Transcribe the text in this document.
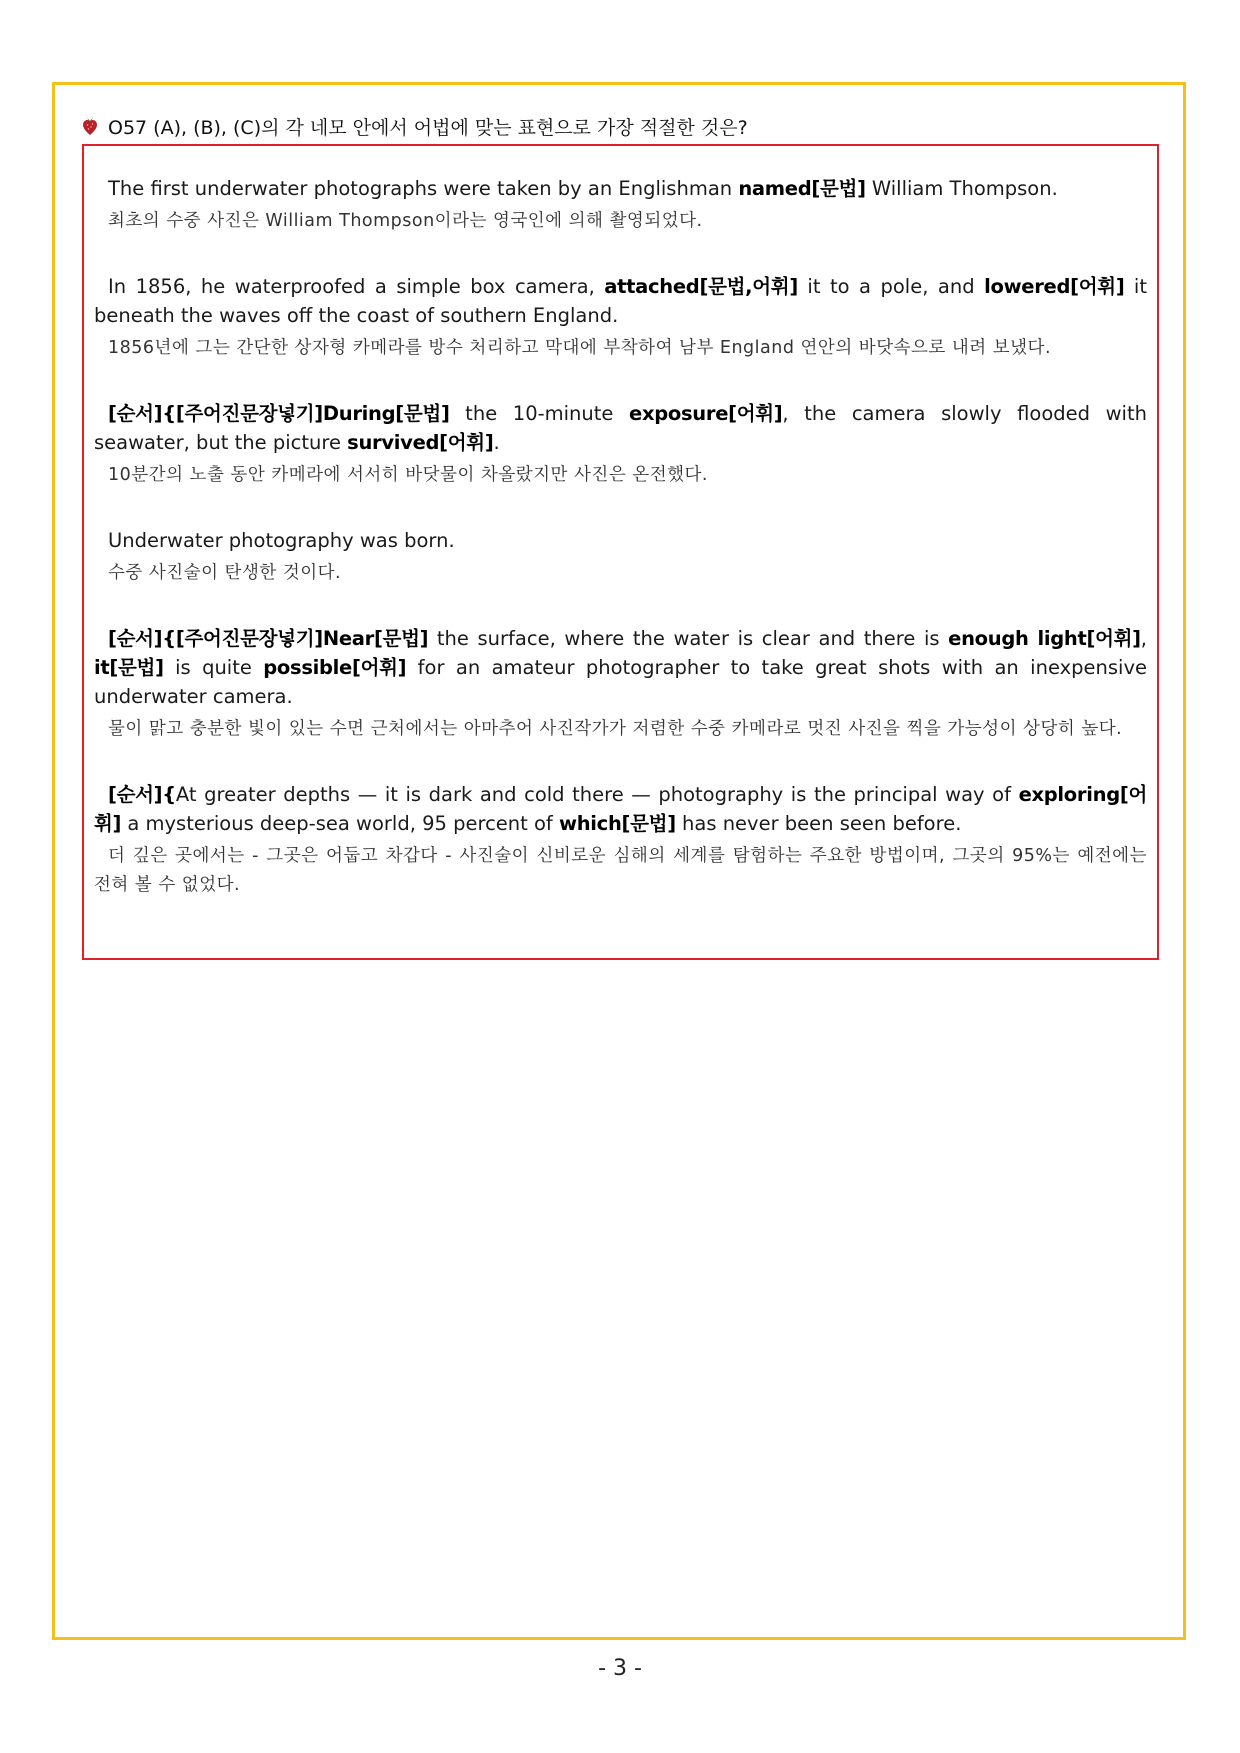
O57 (A), (B), (C)의 각 네모 안에서 어법에 맞는 표현으로 가장 적절한 것은?

The first underwater photographs were taken by an Englishman named[문법] William Thompson.

최초의 수중 사진은 William Thompson이라는 영국인에 의해 촬영되었다.

In 1856, he waterproofed a simple box camera, attached[문법,어휘] it to a pole, and lowered[어휘] it beneath the waves off the coast of southern England.

1856년에 그는 간단한 상자형 카메라를 방수 처리하고 막대에 부착하여 남부 England 연안의 바닷속으로 내려 보냈다.

[순서]{[주어진문장넣기]During[문법] the 10-minute exposure[어휘], the camera slowly flooded with seawater, but the picture survived[어휘].

10분간의 노출 동안 카메라에 서서히 바닷물이 차올랐지만 사진은 온전했다.

Underwater photography was born.

수중 사진술이 탄생한 것이다.

[순서]{[주어진문장넣기]Near[문법] the surface, where the water is clear and there is enough light[어휘], it[문법] is quite possible[어휘] for an amateur photographer to take great shots with an inexpensive underwater camera.

물이 맑고 충분한 빛이 있는 수면 근처에서는 아마추어 사진작가가 저렴한 수중 카메라로 멋진 사진을 찍을 가능성이 상당히 높다.

[순서]{At greater depths — it is dark and cold there — photography is the principal way of exploring[어휘] a mysterious deep-sea world, 95 percent of which[문법] has never been seen before.

더 깊은 곳에서는 - 그곳은 어둡고 차갑다 - 사진술이 신비로운 심해의 세계를 탐험하는 주요한 방법이며, 그곳의 95%는 예전에는 전혀 볼 수 없었다.

- 3 -
